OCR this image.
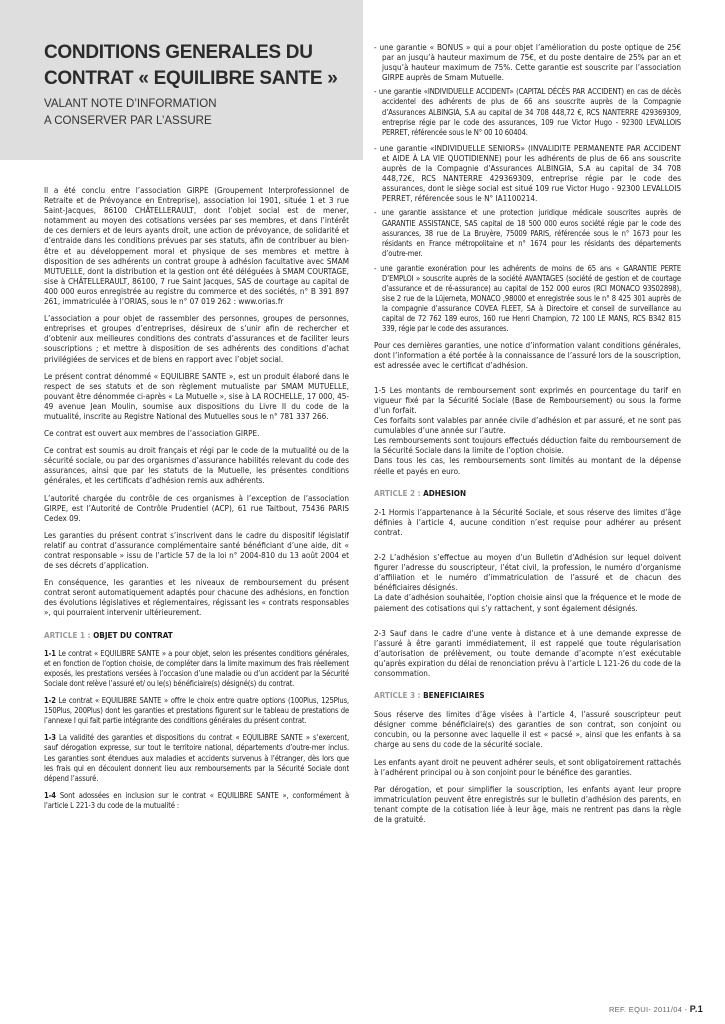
CONDITIONS GENERALES DU CONTRAT « EQUILIBRE SANTE »
VALANT NOTE D’INFORMATION
A CONSERVER PAR L’ASSURE

Il a été conclu entre l’association GIRPE (Groupement Interprofessionnel de Retraite et de Prévoyance en Entreprise), association loi 1901, située 1 et 3 rue Saint-Jacques, 86100 CHÂTELLERAULT, dont l’objet social est de mener, notamment au moyen des cotisations versées par ses membres, et dans l’intérêt de ces derniers et de leurs ayants droit, une action de prévoyance, de solidarité et d’entraide dans les conditions prévues par ses statuts, afin de contribuer au bien-être et au développement moral et physique de ses membres et mettre à disposition de ses adhérents un contrat groupe à adhésion facultative avec SMAM MUTUELLE, dont la distribution et la gestion ont été déléguées à SMAM COURTAGE, sise à CHÂTELLERAULT, 86100, 7 rue Saint Jacques, SAS de courtage au capital de 400 000 euros enregistrée au registre du commerce et des sociétés, n° B 391 897 261, immatriculée à l’ORIAS, sous le n° 07 019 262 : www.orias.fr

L’association a pour objet de rassembler des personnes, groupes de personnes, entreprises et groupes d’entreprises, désireux de s’unir afin de rechercher et d’obtenir aux meilleures conditions des contrats d’assurances et de faciliter leurs souscriptions ; et mettre à disposition de ses adhérents des conditions d’achat privilégiées de services et de biens en rapport avec l’objet social.

Le présent contrat dénommé « EQUILIBRE SANTE », est un produit élaboré dans le respect de ses statuts et de son règlement mutualiste par SMAM MUTUELLE, pouvant être dénommée ci-après « La Mutuelle », sise à LA ROCHELLE, 17 000, 45-49 avenue Jean Moulin, soumise aux dispositions du Livre II du code de la mutualité, inscrite au Registre National des Mutuelles sous le n° 781 337 266.

Ce contrat est ouvert aux membres de l’association GIRPE.

Ce contrat est soumis au droit français et régi par le code de la mutualité ou de la sécurité sociale, ou par des organismes d’assurance habilités relevant du code des assurances, ainsi que par les statuts de la Mutuelle, les présentes conditions générales, et les certificats d’adhésion remis aux adhérents.

L’autorité chargée du contrôle de ces organismes à l’exception de l’association GIRPE, est l’Autorité de Contrôle Prudentiel (ACP), 61 rue Taitbout, 75436 PARIS Cedex 09.

Les garanties du présent contrat s’inscrivent dans le cadre du dispositif législatif relatif au contrat d’assurance complémentaire santé bénéficiant d’une aide, dit « contrat responsable » issu de l’article 57 de la loi n° 2004-810 du 13 août 2004 et de ses décrets d’application.

En conséquence, les garanties et les niveaux de remboursement du présent contrat seront automatiquement adaptés pour chacune des adhésions, en fonction des évolutions législatives et réglementaires, régissant les « contrats responsables », qui pourraient intervenir ultérieurement.

ARTICLE 1 : OBJET DU CONTRAT

1-1 Le contrat « EQUILIBRE SANTE » a pour objet, selon les présentes conditions générales, et en fonction de l’option choisie, de compléter dans la limite maximum des frais réellement exposés, les prestations versées à l’occasion d’une maladie ou d’un accident par la Sécurité Sociale dont relève l’assuré et/ ou le(s) bénéficiaire(s) désigné(s) du contrat.

1-2 Le contrat « EQUILIBRE SANTE » offre le choix entre quatre options (100Plus, 125Plus, 150Plus, 200Plus) dont les garanties et prestations figurent sur le tableau de prestations de l’annexe I qui fait partie intégrante des conditions générales du présent contrat.

1-3 La validité des garanties et dispositions du contrat « EQUILIBRE SANTE » s’exercent, sauf dérogation expresse, sur tout le territoire national, départements d’outre-mer inclus. Les garanties sont étendues aux maladies et accidents survenus à l’étranger, dès lors que les frais qui en découlent donnent lieu aux remboursements par la Sécurité Sociale dont dépend l’assuré.

1-4 Sont adossées en inclusion sur le contrat « EQUILIBRE SANTE », conformément à l’article L 221-3 du code de la mutualité :

- une garantie « BONUS » qui a pour objet l’amélioration du poste optique de 25€ par an jusqu’à hauteur maximum de 75€, et du poste dentaire de 25% par an et jusqu’à hauteur maximum de 75%. Cette garantie est souscrite par l’association GIRPE auprès de Smam Mutuelle.

- une garantie «INDIVIDUELLE ACCIDENT» (CAPITAL DÉCÈS PAR ACCIDENT) en cas de décès accidentel des adhérents de plus de 66 ans souscrite auprès de la Compagnie d’Assurances ALBINGIA, S.A au capital de 34 708 448,72 €, RCS NANTERRE 429369309, entreprise régie par le code des assurances, 109 rue Victor Hugo - 92300 LEVALLOIS PERRET, référencée sous le N° 00 10 60404.

- une garantie «INDIVIDUELLE SENIORS» (INVALIDITE PERMANENTE PAR ACCIDENT et AIDE À LA VIE QUOTIDIENNE) pour les adhérents de plus de 66 ans souscrite auprès de la Compagnie d’Assurances ALBINGIA, S.A au capital de 34 708 448,72€, RCS NANTERRE 429369309, entreprise régie par le code des assurances, dont le siège social est situé 109 rue Victor Hugo - 92300 LEVALLOIS PERRET, référencée sous le N° IA1100214.

- une garantie assistance et une protection juridique médicale souscrites auprès de GARANTIE ASSISTANCE, SAS capital de 18 500 000 euros société régie par le code des assurances, 38 rue de La Bruyère, 75009 PARIS, référencée sous le n° 1673 pour les résidants en France métropolitaine et n° 1674 pour les résidants des départements d’outre-mer.

- une garantie exonération pour les adhérents de moins de 65 ans « GARANTIE PERTE D’EMPLOI » souscrite auprès de la société AVANTAGES (société de gestion et de courtage d’assurance et de ré-assurance) au capital de 152 000 euros (RCI MONACO 93S02898), sise 2 rue de la Lüjerneta, MONACO ,98000 et enregistrée sous le n° 8 425 301 auprès de la compagnie d’assurance COVEA FLEET, SA à Directoire et conseil de surveillance au capital de 72 762 189 euros, 160 rue Henri Champion, 72 100 LE MANS, RCS B342 815 339, régie par le code des assurances.

Pour ces dernières garanties, une notice d’information valant conditions générales, dont l’information a été portée à la connaissance de l’assuré lors de la souscription, est adressée avec le certificat d’adhésion.

1-5 Les montants de remboursement sont exprimés en pourcentage du tarif en vigueur fixé par la Sécurité Sociale (Base de Remboursement) ou sous la forme d’un forfait.

Ces forfaits sont valables par année civile d’adhésion et par assuré, et ne sont pas cumulables d’une année sur l’autre.

Les remboursements sont toujours effectués déduction faite du remboursement de la Sécurité Sociale dans la limite de l’option choisie.

Dans tous les cas, les remboursements sont limités au montant de la dépense réelle et payés en euro.

ARTICLE 2 : ADHESION

2-1 Hormis l’appartenance à la Sécurité Sociale, et sous réserve des limites d’âge définies à l’article 4, aucune condition n’est requise pour adhérer au présent contrat.

2-2 L’adhésion s’effectue au moyen d’un Bulletin d’Adhésion sur lequel doivent figurer l’adresse du souscripteur, l’état civil, la profession, le numéro d’organisme d’affiliation et le numéro d’immatriculation de l’assuré et de chacun des bénéficiaires désignés.

La date d’adhésion souhaitée, l’option choisie ainsi que la fréquence et le mode de paiement des cotisations qui s’y rattachent, y sont également désignés.

2-3 Sauf dans le cadre d’une vente à distance et à une demande expresse de l’assuré à être garanti immédiatement, il est rappelé que toute régularisation d’autorisation de prélèvement, ou toute demande d’acompte n’est exécutable qu’après expiration du délai de renonciation prévu à l’article L 121-26 du code de la consommation.

ARTICLE 3 : BENEFICIAIRES

Sous réserve des limites d’âge visées à l’article 4, l’assuré souscripteur peut désigner comme bénéficiaire(s) des garanties de son contrat, son conjoint ou concubin, ou la personne avec laquelle il est « pacsé », ainsi que les enfants à sa charge au sens du code de la sécurité sociale.

Les enfants ayant droit ne peuvent adhérer seuls, et sont obligatoirement rattachés à l’adhérent principal ou à son conjoint pour le bénéfice des garanties.

Par dérogation, et pour simplifier la souscription, les enfants ayant leur propre immatriculation peuvent être enregistrés sur le bulletin d’adhésion des parents, en tenant compte de la cotisation liée à leur âge, mais ne rentrent pas dans la règle de la gratuité.

REF. EQUI- 2011/04 - P.1
